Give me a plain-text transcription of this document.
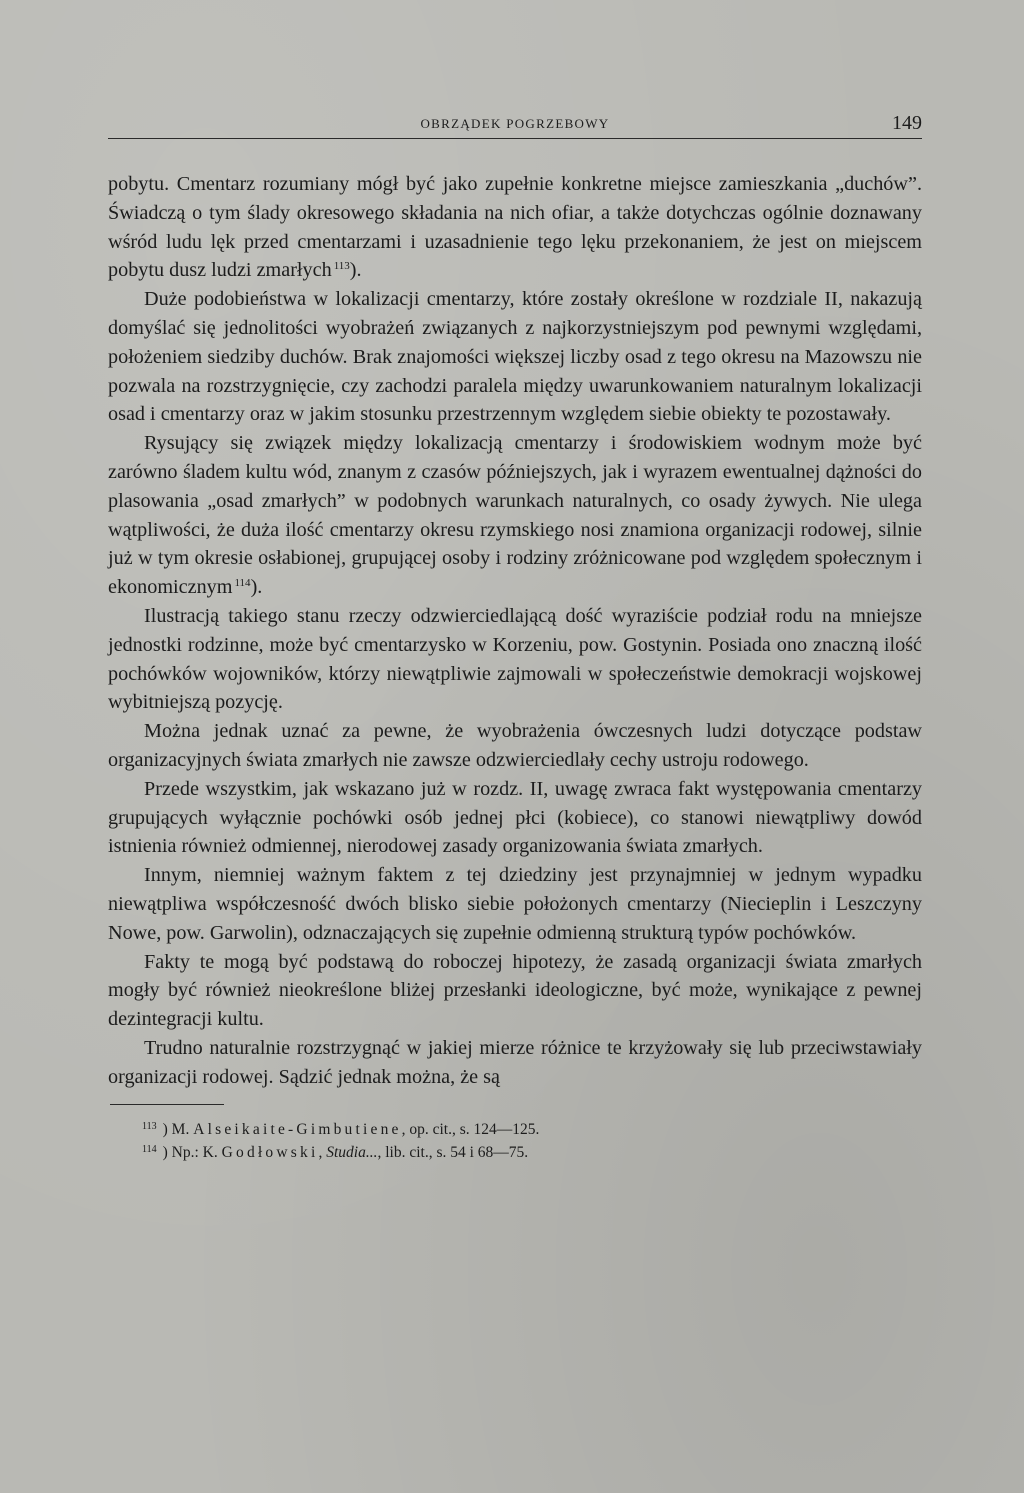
OBRZĄDEK POGRZEBOWY	149

pobytu. Cmentarz rozumiany mógł być jako zupełnie konkretne miejsce zamieszkania „duchów”. Świadczą o tym ślady okresowego składania na nich ofiar, a także dotychczas ogólnie doznawany wśród ludu lęk przed cmentarzami i uzasadnienie tego lęku przekonaniem, że jest on miejscem pobytu dusz ludzi zmarłych $^{113}$).

Duże podobieństwa w lokalizacji cmentarzy, które zostały określone w rozdziale II, nakazują domyślać się jednolitości wyobrażeń związanych z najkorzystniejszym pod pewnymi względami, położeniem siedziby duchów. Brak znajomości większej liczby osad z tego okresu na Mazowszu nie pozwala na rozstrzygnięcie, czy zachodzi paralela między uwarunkowaniem naturalnym lokalizacji osad i cmentarzy oraz w jakim stosunku przestrzennym względem siebie obiekty te pozostawały.

Rysujący się związek między lokalizacją cmentarzy i środowiskiem wodnym może być zarówno śladem kultu wód, znanym z czasów późniejszych, jak i wyrazem ewentualnej dążności do plasowania „osad zmarłych” w podobnych warunkach naturalnych, co osady żywych. Nie ulega wątpliwości, że duża ilość cmentarzy okresu rzymskiego nosi znamiona organizacji rodowej, silnie już w tym okresie osłabionej, grupującej osoby i rodziny zróżnicowane pod względem społecznym i ekonomicznym $^{114}$).

Ilustracją takiego stanu rzeczy odzwierciedlającą dość wyraziście podział rodu na mniejsze jednostki rodzinne, może być cmentarzysko w Korzeniu, pow. Gostynin. Posiada ono znaczną ilość pochówków wojowników, którzy niewątpliwie zajmowali w społeczeństwie demokracji wojskowej wybitniejszą pozycję.

Można jednak uznać za pewne, że wyobrażenia ówczesnych ludzi dotyczące podstaw organizacyjnych świata zmarłych nie zawsze odzwierciedlały cechy ustroju rodowego.

Przede wszystkim, jak wskazano już w rozdz. II, uwagę zwraca fakt występowania cmentarzy grupujących wyłącznie pochówki osób jednej płci (kobiece), co stanowi niewątpliwy dowód istnienia również odmiennej, nierodowej zasady organizowania świata zmarłych.

Innym, niemniej ważnym faktem z tej dziedziny jest przynajmniej w jednym wypadku niewątpliwa współczesność dwóch blisko siebie położonych cmentarzy (Niecieplin i Leszczyny Nowe, pow. Garwolin), odznaczających się zupełnie odmienną strukturą typów pochówków.

Fakty te mogą być podstawą do roboczej hipotezy, że zasadą organizacji świata zmarłych mogły być również nieokreślone bliżej przesłanki ideologiczne, być może, wynikające z pewnej dezintegracji kultu.

Trudno naturalnie rozstrzygnąć w jakiej mierze różnice te krzyżowały się lub przeciwstawiały organizacji rodowej. Sądzić jednak można, że są

$^{113}$ ) M. Alseikaite-Gimbutiene, op. cit., s. 124—125.
$^{114}$ ) Np.: K. Godłowski, Studia..., lib. cit., s. 54 i 68—75.
